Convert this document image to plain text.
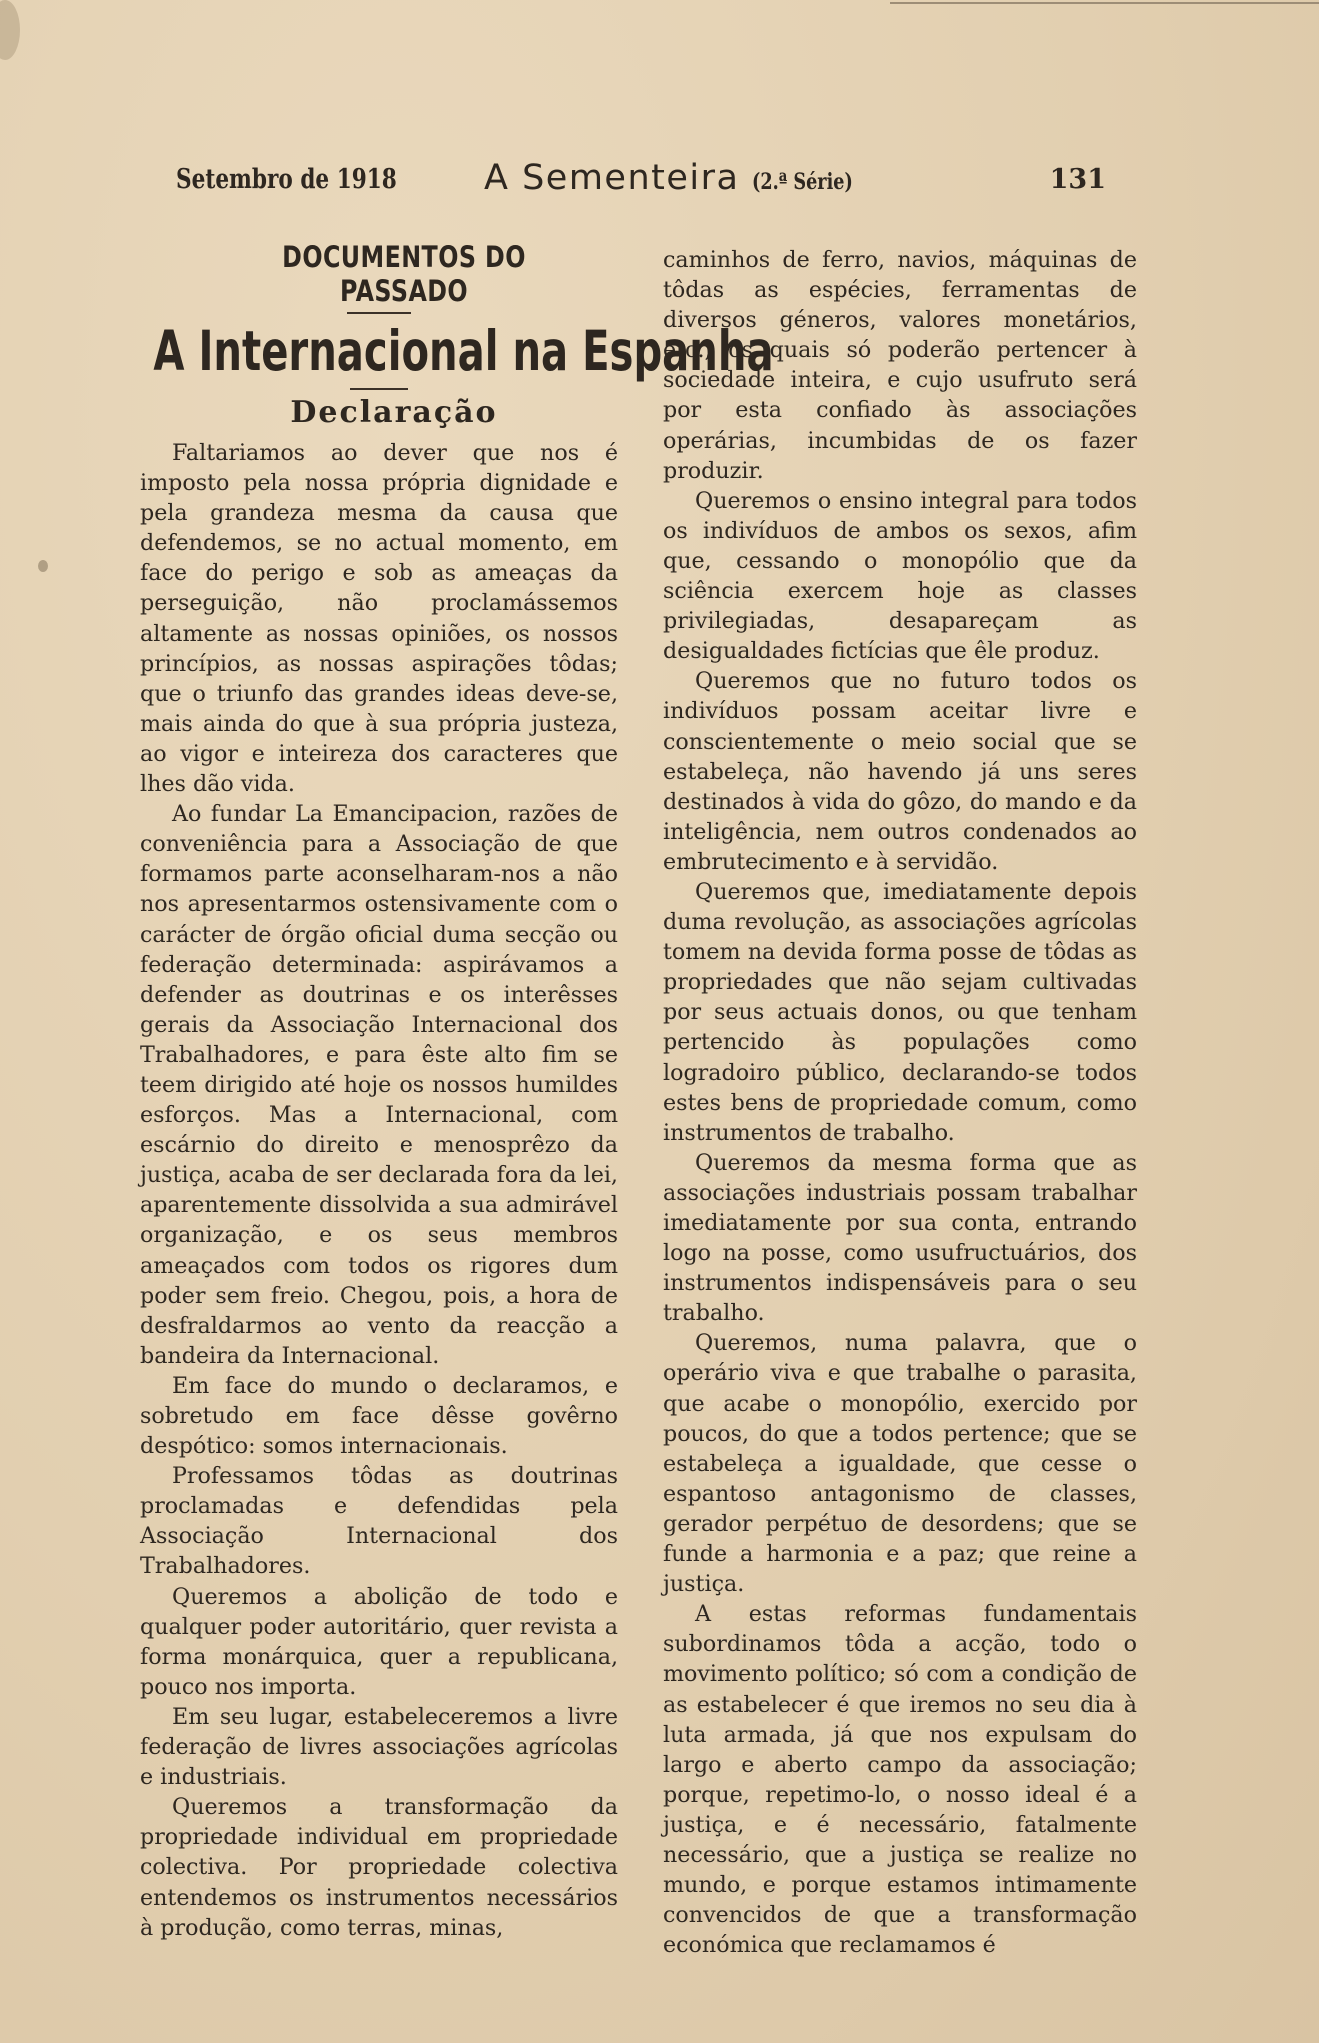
Setembro de 1918 A Sementeira (2.ª Série)	131
DOCUMENTOS DO PASSADO
A Internacional na Espanha
Declaração

Faltariamos ao dever que nos é imposto pela nossa própria dignidade e pela grandeza mesma da causa que defendemos, se no actual momento, em face do perigo e sob as ameaças da perseguição, não proclamássemos altamente as nossas opiniões, os nossos princípios, as nossas aspirações tôdas; que o triunfo das grandes ideas deve-se, mais ainda do que à sua própria justeza, ao vigor e inteireza dos caracteres que lhes dão vida.

Ao fundar La Emancipacion, razões de conveniência para a Associação de que formamos parte aconselharam-nos a não nos apresentarmos ostensivamente com o carácter de órgão oficial duma secção ou federação determinada: aspirávamos a defender as doutrinas e os interêsses gerais da Associação Internacional dos Trabalhadores, e para êste alto fim se teem dirigido até hoje os nossos humildes esforços. Mas a Internacional, com escárnio do direito e menosprêzo da justiça, acaba de ser declarada fora da lei, aparentemente dissolvida a sua admirável organização, e os seus membros ameaçados com todos os rigores dum poder sem freio. Chegou, pois, a hora de desfraldarmos ao vento da reacção a bandeira da Internacional.

Em face do mundo o declaramos, e sobretudo em face dêsse govêrno despótico: somos internacionais.

Professamos tôdas as doutrinas proclamadas e defendidas pela Associação Internacional dos Trabalhadores.

Queremos a abolição de todo e qualquer poder autoritário, quer revista a forma monárquica, quer a republicana, pouco nos importa.

Em seu lugar, estabeleceremos a livre federação de livres associações agrícolas e industriais.

Queremos a transformação da propriedade individual em propriedade colectiva. Por propriedade colectiva entendemos os instrumentos necessários à produção, como terras, minas,

caminhos de ferro, navios, máquinas de tôdas as espécies, ferramentas de diversos géneros, valores monetários, etc., os quais só poderão pertencer à sociedade inteira, e cujo usufruto será por esta confiado às associações operárias, incumbidas de os fazer produzir.

Queremos o ensino integral para todos os indivíduos de ambos os sexos, afim que, cessando o monopólio que da sciência exercem hoje as classes privilegiadas, desapareçam as desigualdades fictícias que êle produz.

Queremos que no futuro todos os indivíduos possam aceitar livre e conscientemente o meio social que se estabeleça, não havendo já uns seres destinados à vida do gôzo, do mando e da inteligência, nem outros condenados ao embrutecimento e à servidão.

Queremos que, imediatamente depois duma revolução, as associações agrícolas tomem na devida forma posse de tôdas as propriedades que não sejam cultivadas por seus actuais donos, ou que tenham pertencido às populações como logradoiro público, declarando-se todos estes bens de propriedade comum, como instrumentos de trabalho.

Queremos da mesma forma que as associações industriais possam trabalhar imediatamente por sua conta, entrando logo na posse, como usufructuários, dos instrumentos indispensáveis para o seu trabalho.

Queremos, numa palavra, que o operário viva e que trabalhe o parasita, que acabe o monopólio, exercido por poucos, do que a todos pertence; que se estabeleça a igualdade, que cesse o espantoso antagonismo de classes, gerador perpétuo de desordens; que se funde a harmonia e a paz; que reine a justiça.

A estas reformas fundamentais subordinamos tôda a acção, todo o movimento político; só com a condição de as estabelecer é que iremos no seu dia à luta armada, já que nos expulsam do largo e aberto campo da associação; porque, repetimo-lo, o nosso ideal é a justiça, e é necessário, fatalmente necessário, que a justiça se realize no mundo, e porque estamos intimamente convencidos de que a transformação económica que reclamamos é
